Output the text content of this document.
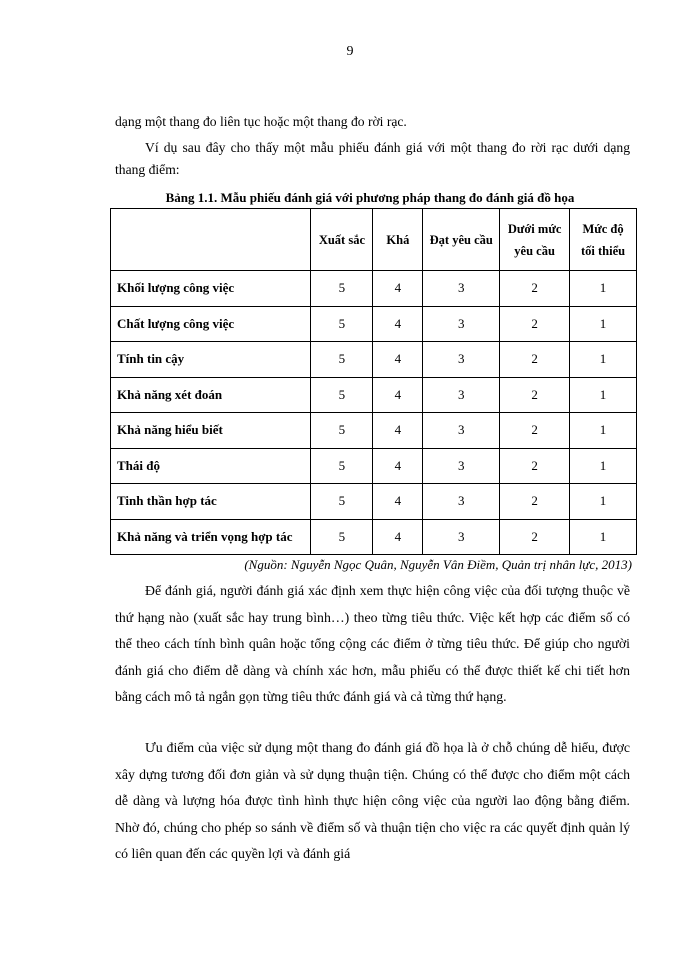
9

dạng một thang đo liên tục hoặc một thang đo rời rạc.

Ví dụ sau đây cho thấy một mẫu phiếu đánh giá với một thang đo rời rạc dưới dạng thang điểm:

Bảng 1.1. Mẫu phiếu đánh giá với phương pháp thang đo đánh giá đồ họa
	Xuất sắc	Khá	Đạt yêu cầu	Dưới mức yêu cầu	Mức độ tối thiểu
Khối lượng công việc	5	4	3	2	1
Chất lượng công việc	5	4	3	2	1
Tính tin cậy	5	4	3	2	1
Khả năng xét đoán	5	4	3	2	1
Khả năng hiểu biết	5	4	3	2	1
Thái độ	5	4	3	2	1
Tinh thần hợp tác	5	4	3	2	1
Khả năng và triển vọng hợp tác	5	4	3	2	1
(Nguồn: Nguyễn Ngọc Quân, Nguyễn Vân Điềm, Quản trị nhân lực, 2013)

Để đánh giá, người đánh giá xác định xem thực hiện công việc của đối tượng thuộc về thứ hạng nào (xuất sắc hay trung bình…) theo từng tiêu thức. Việc kết hợp các điểm số có thể theo cách tính bình quân hoặc tổng cộng các điểm ở từng tiêu thức. Để giúp cho người đánh giá cho điểm dễ dàng và chính xác hơn, mẫu phiếu có thể được thiết kế chi tiết hơn bằng cách mô tả ngắn gọn từng tiêu thức đánh giá và cả từng thứ hạng.

Ưu điểm của việc sử dụng một thang đo đánh giá đồ họa là ở chỗ chúng dễ hiểu, được xây dựng tương đối đơn giản và sử dụng thuận tiện. Chúng có thể được cho điểm một cách dễ dàng và lượng hóa được tình hình thực hiện công việc của người lao động bằng điểm. Nhờ đó, chúng cho phép so sánh về điểm số và thuận tiện cho việc ra các quyết định quản lý có liên quan đến các quyền lợi và đánh giá
